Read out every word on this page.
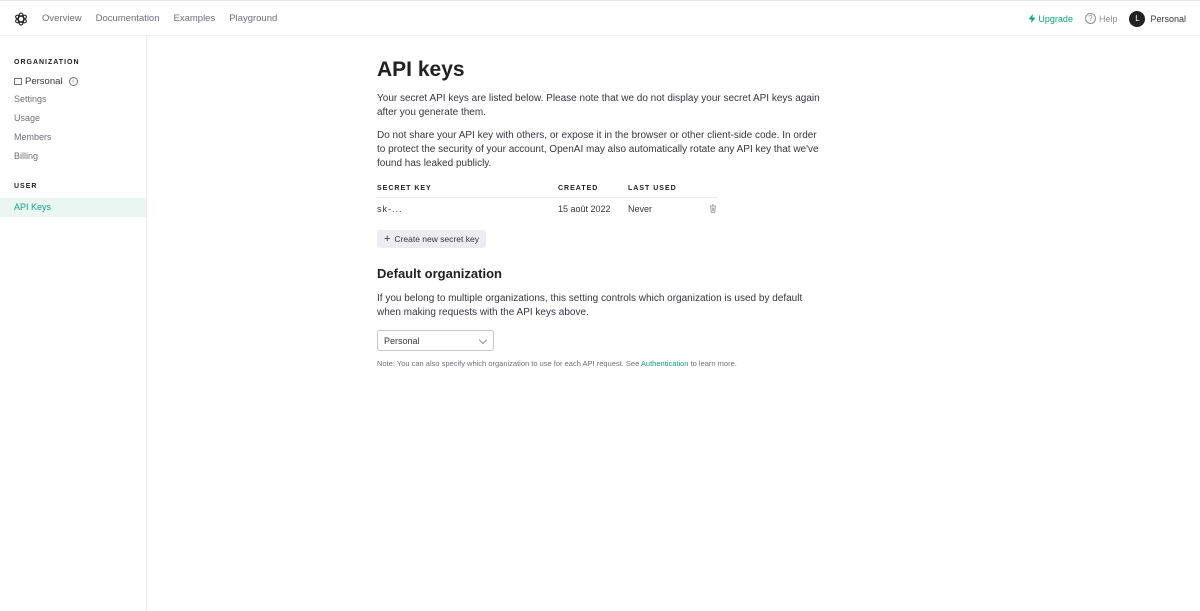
Overview Documentation Examples Playground	Upgrade	? Help	L	Personal
ORGANIZATION
Personal	i
Settings
Usage
Members
Billing
USER
API Keys
API keys

Your secret API keys are listed below. Please note that we do not display your secret API keys again after you generate them.

Do not share your API key with others, or expose it in the browser or other client-side code. In order to protect the security of your account, OpenAI may also automatically rotate any API key that we've found has leaked publicly.

SECRET KEY	CREATED	LAST USED
sk-...	15 août 2022 Never
+ Create new secret key
Default organization

If you belong to multiple organizations, this setting controls which organization is used by default when making requests with the API keys above.

Personal

Note: You can also specify which organization to use for each API request. See Authentication to learn more.
